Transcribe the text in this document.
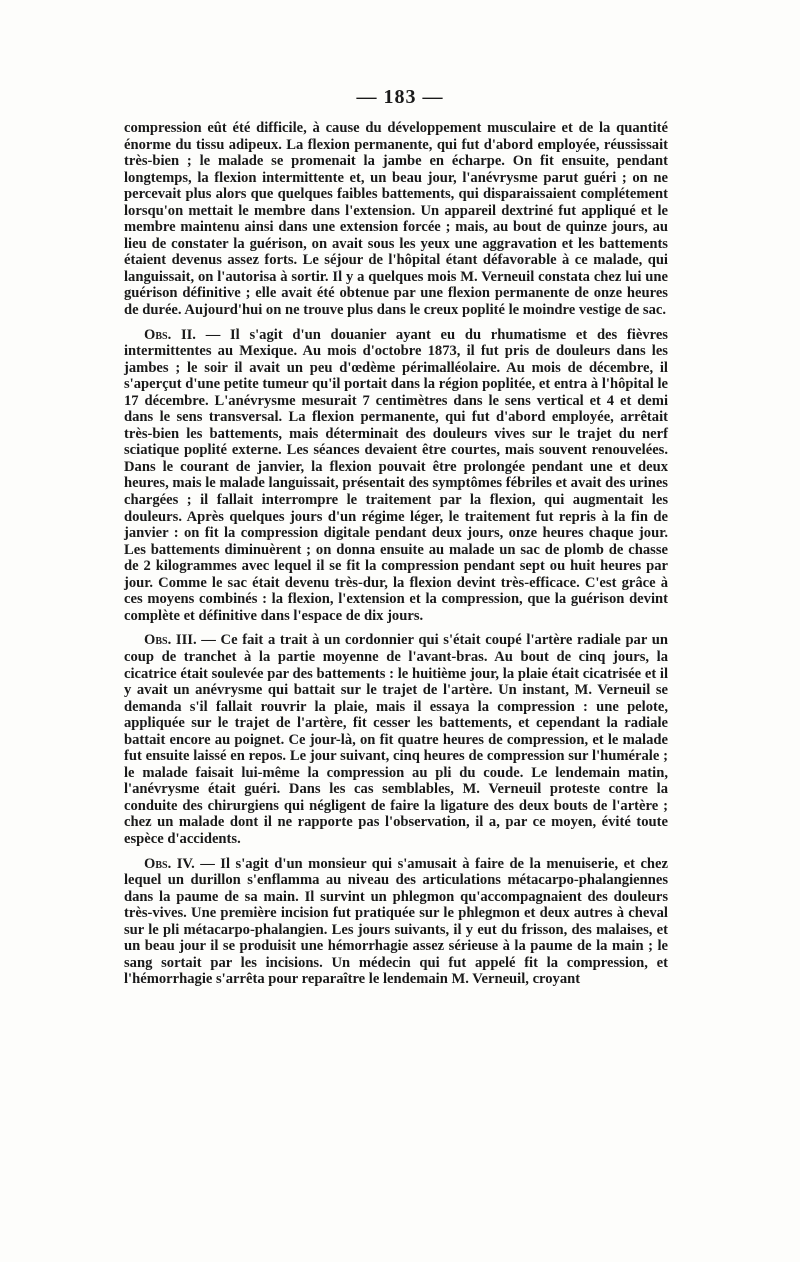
— 183 —

compression eût été difficile, à cause du développement musculaire et de la quantité énorme du tissu adipeux. La flexion permanente, qui fut d'abord employée, réussissait très-bien ; le malade se promenait la jambe en écharpe. On fit ensuite, pendant longtemps, la flexion intermittente et, un beau jour, l'anévrysme parut guéri ; on ne percevait plus alors que quelques faibles battements, qui disparaissaient complétement lorsqu'on mettait le membre dans l'extension. Un appareil dextriné fut appliqué et le membre maintenu ainsi dans une extension forcée ; mais, au bout de quinze jours, au lieu de constater la guérison, on avait sous les yeux une aggravation et les battements étaient devenus assez forts. Le séjour de l'hôpital étant défavorable à ce malade, qui languissait, on l'autorisa à sortir. Il y a quelques mois M. Verneuil constata chez lui une guérison définitive ; elle avait été obtenue par une flexion permanente de onze heures de durée. Aujourd'hui on ne trouve plus dans le creux poplité le moindre vestige de sac.

Obs. II. — Il s'agit d'un douanier ayant eu du rhumatisme et des fièvres intermittentes au Mexique. Au mois d'octobre 1873, il fut pris de douleurs dans les jambes ; le soir il avait un peu d'œdème périmalléolaire. Au mois de décembre, il s'aperçut d'une petite tumeur qu'il portait dans la région poplitée, et entra à l'hôpital le 17 décembre. L'anévrysme mesurait 7 centimètres dans le sens vertical et 4 et demi dans le sens transversal. La flexion permanente, qui fut d'abord employée, arrêtait très-bien les battements, mais déterminait des douleurs vives sur le trajet du nerf sciatique poplité externe. Les séances devaient être courtes, mais souvent renouvelées. Dans le courant de janvier, la flexion pouvait être prolongée pendant une et deux heures, mais le malade languissait, présentait des symptômes fébriles et avait des urines chargées ; il fallait interrompre le traitement par la flexion, qui augmentait les douleurs. Après quelques jours d'un régime léger, le traitement fut repris à la fin de janvier : on fit la compression digitale pendant deux jours, onze heures chaque jour. Les battements diminuèrent ; on donna ensuite au malade un sac de plomb de chasse de 2 kilogrammes avec lequel il se fit la compression pendant sept ou huit heures par jour. Comme le sac était devenu très-dur, la flexion devint très-efficace. C'est grâce à ces moyens combinés : la flexion, l'extension et la compression, que la guérison devint complète et définitive dans l'espace de dix jours.

Obs. III. — Ce fait a trait à un cordonnier qui s'était coupé l'artère radiale par un coup de tranchet à la partie moyenne de l'avant-bras. Au bout de cinq jours, la cicatrice était soulevée par des battements : le huitième jour, la plaie était cicatrisée et il y avait un anévrysme qui battait sur le trajet de l'artère. Un instant, M. Verneuil se demanda s'il fallait rouvrir la plaie, mais il essaya la compression : une pelote, appliquée sur le trajet de l'artère, fit cesser les battements, et cependant la radiale battait encore au poignet. Ce jour-là, on fit quatre heures de compression, et le malade fut ensuite laissé en repos. Le jour suivant, cinq heures de compression sur l'humérale ; le malade faisait lui-même la compression au pli du coude. Le lendemain matin, l'anévrysme était guéri. Dans les cas semblables, M. Verneuil proteste contre la conduite des chirurgiens qui négligent de faire la ligature des deux bouts de l'artère ; chez un malade dont il ne rapporte pas l'observation, il a, par ce moyen, évité toute espèce d'accidents.

Obs. IV. — Il s'agit d'un monsieur qui s'amusait à faire de la menuiserie, et chez lequel un durillon s'enflamma au niveau des articulations métacarpo-phalangiennes dans la paume de sa main. Il survint un phlegmon qu'accompagnaient des douleurs très-vives. Une première incision fut pratiquée sur le phlegmon et deux autres à cheval sur le pli métacarpo-phalangien. Les jours suivants, il y eut du frisson, des malaises, et un beau jour il se produisit une hémorrhagie assez sérieuse à la paume de la main ; le sang sortait par les incisions. Un médecin qui fut appelé fit la compression, et l'hémorrhagie s'arrêta pour reparaître le lendemain M. Verneuil, croyant
